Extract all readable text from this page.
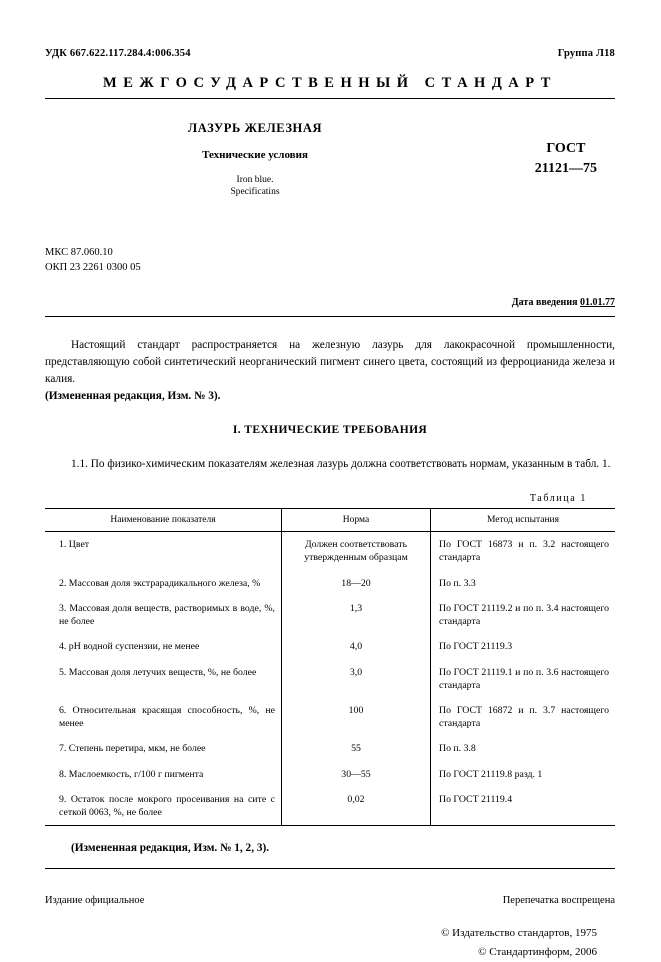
УДК 667.622.117.284.4:006.354	Группа Л18
МЕЖГОСУДАРСТВЕННЫЙ СТАНДАРТ
ЛАЗУРЬ ЖЕЛЕЗНАЯ
Технические условия
Iron blue.
Specificatins
ГОСТ
21121—75
МКС 87.060.10
ОКП 23 2261 0300 05
Дата введения 01.01.77
Настоящий стандарт распространяется на железную лазурь для лакокрасочной промышленности, представляющую собой синтетический неорганический пигмент синего цвета, состоящий из ферроцианида железа и калия.
(Измененная редакция, Изм. № 3).
I. ТЕХНИЧЕСКИЕ ТРЕБОВАНИЯ
1.1. По физико-химическим показателям железная лазурь должна соответствовать нормам, указанным в табл. 1.
Таблица 1
Наименование показателя	Норма	Метод испытания
1. Цвет	Должен соответствовать утвержденным образцам	По ГОСТ 16873 и п. 3.2 настоящего стандарта
2. Массовая доля экстрарадикального железа, %	18—20	По п. 3.3
3. Массовая доля веществ, растворимых в воде, %, не более	1,3	По ГОСТ 21119.2 и по п. 3.4 настоящего стандарта
4. рН водной суспензии, не менее	4,0	По ГОСТ 21119.3
5. Массовая доля летучих веществ, %, не более	3,0	По ГОСТ 21119.1 и по п. 3.6 настоящего стандарта
6. Относительная красящая способность, %, не менее	100	По ГОСТ 16872 и п. 3.7 настоящего стандарта
7. Степень перетира, мкм, не более	55	По п. 3.8
8. Маслоемкость, г/100 г пигмента	30—55	По ГОСТ 21119.8 разд. 1
9. Остаток после мокрого просеивания на сите с сеткой 0063, %, не более	0,02	По ГОСТ 21119.4
(Измененная редакция, Изм. № 1, 2, 3).
Издание официальное	Перепечатка воспрещена
© Издательство стандартов, 1975
© Стандартинформ, 2006
